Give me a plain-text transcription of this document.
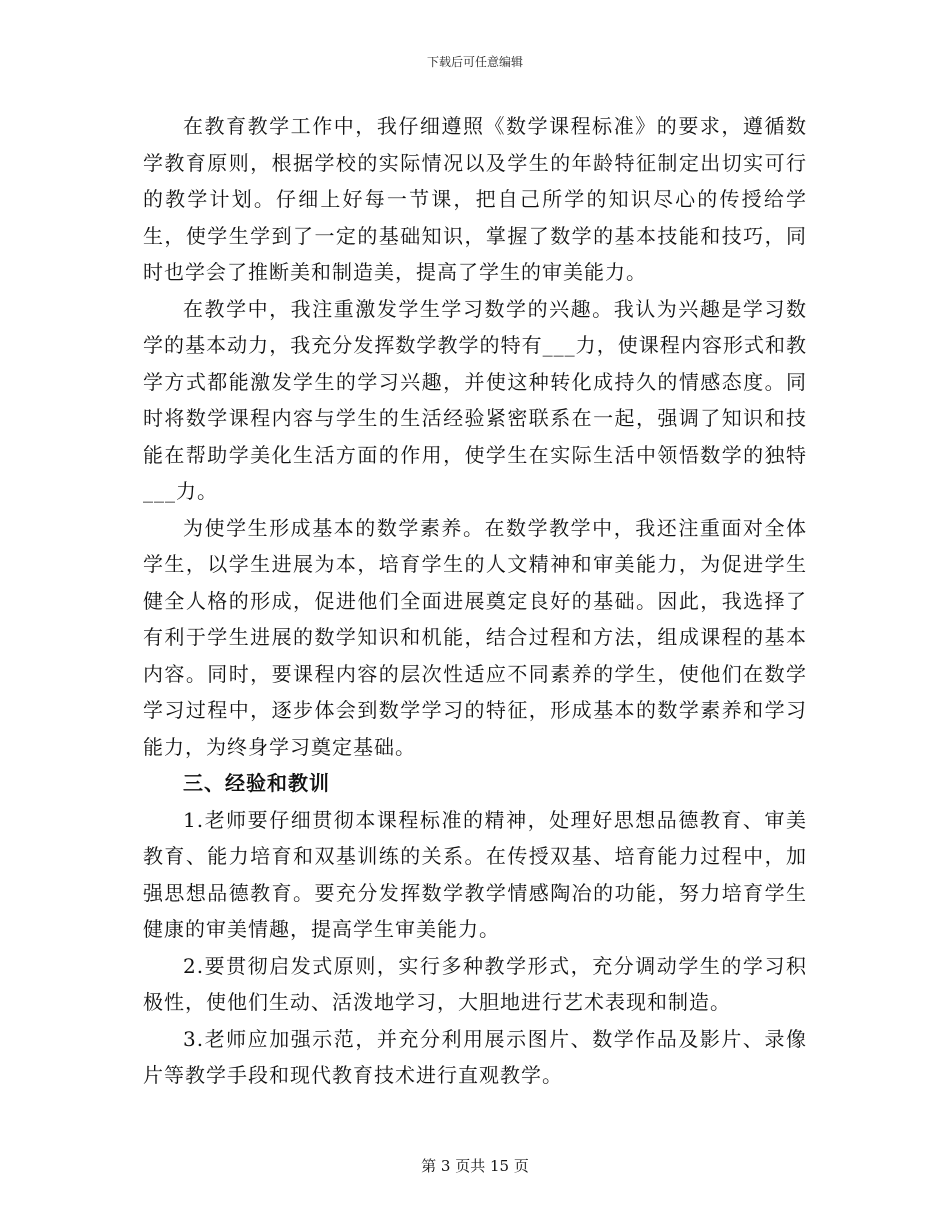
下载后可任意编辑

在教育教学工作中，我仔细遵照《数学课程标准》的要求，遵循数学教育原则，根据学校的实际情况以及学生的年龄特征制定出切实可行的教学计划。仔细上好每一节课，把自己所学的知识尽心的传授给学生，使学生学到了一定的基础知识，掌握了数学的基本技能和技巧，同时也学会了推断美和制造美，提高了学生的审美能力。

在教学中，我注重激发学生学习数学的兴趣。我认为兴趣是学习数学的基本动力，我充分发挥数学教学的特有___力，使课程内容形式和教学方式都能激发学生的学习兴趣，并使这种转化成持久的情感态度。同时将数学课程内容与学生的生活经验紧密联系在一起，强调了知识和技能在帮助学美化生活方面的作用，使学生在实际生活中领悟数学的独特___力。

为使学生形成基本的数学素养。在数学教学中，我还注重面对全体学生，以学生进展为本，培育学生的人文精神和审美能力，为促进学生健全人格的形成，促进他们全面进展奠定良好的基础。因此，我选择了有利于学生进展的数学知识和机能，结合过程和方法，组成课程的基本内容。同时，要课程内容的层次性适应不同素养的学生，使他们在数学学习过程中，逐步体会到数学学习的特征，形成基本的数学素养和学习能力，为终身学习奠定基础。

三、经验和教训

1.老师要仔细贯彻本课程标准的精神，处理好思想品德教育、审美教育、能力培育和双基训练的关系。在传授双基、培育能力过程中，加强思想品德教育。要充分发挥数学教学情感陶冶的功能，努力培育学生健康的审美情趣，提高学生审美能力。

2.要贯彻启发式原则，实行多种教学形式，充分调动学生的学习积极性，使他们生动、活泼地学习，大胆地进行艺术表现和制造。

3.老师应加强示范，并充分利用展示图片、数学作品及影片、录像片等教学手段和现代教育技术进行直观教学。

第 3 页共 15 页
